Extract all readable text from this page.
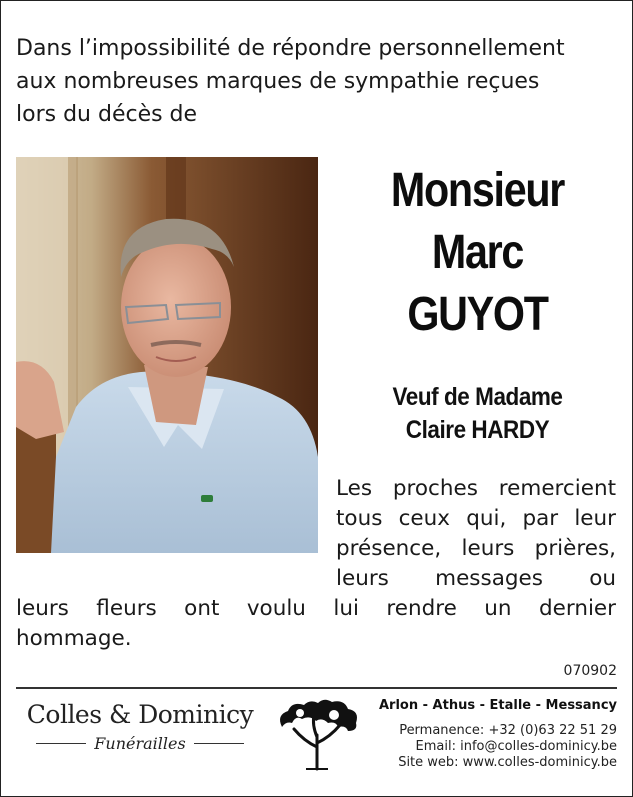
Dans l’impossibilité de répondre personnellement
aux nombreuses marques de sympathie reçues
lors du décès de
Monsieur
Marc
GUYOT
Veuf de Madame
Claire HARDY
Les proches remercient
tous ceux qui, par leur
présence, leurs prières,
leurs messages ou
leurs fleurs ont voulu lui rendre un dernier
hommage.
070902
Colles & Dominicy
Funérailles
Arlon - Athus - Etalle - Messancy
Permanence: +32 (0)63 22 51 29
Email: info@colles-dominicy.be
Site web: www.colles-dominicy.be
